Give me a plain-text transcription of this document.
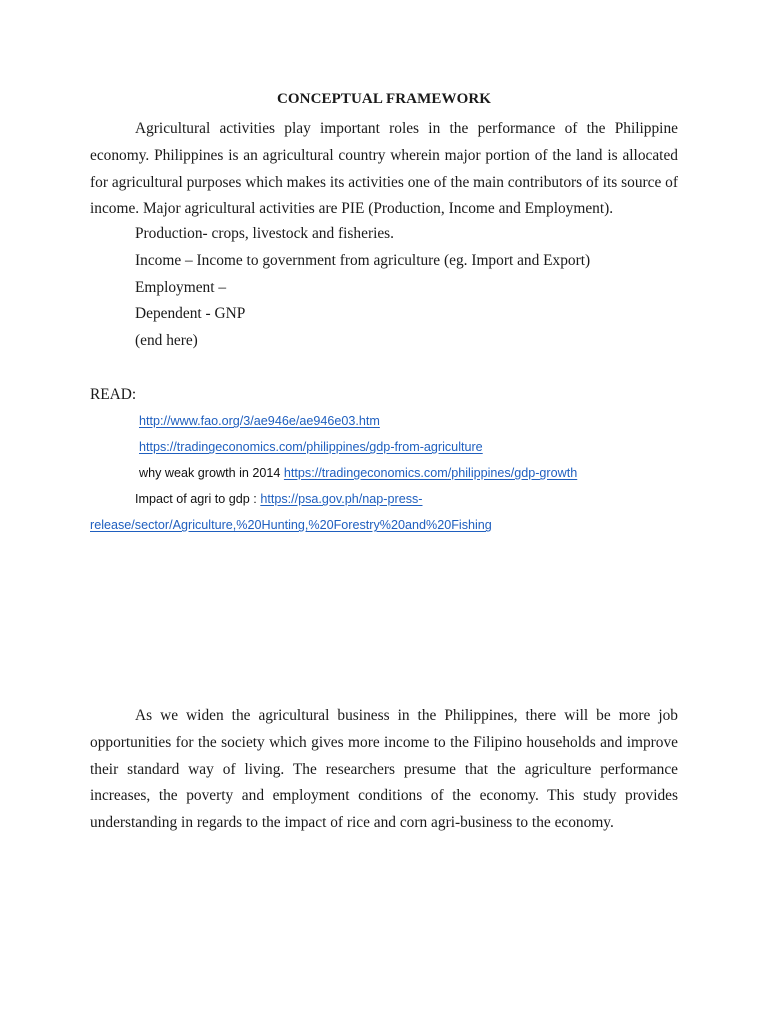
CONCEPTUAL FRAMEWORK

Agricultural activities play important roles in the performance of the Philippine economy. Philippines is an agricultural country wherein major portion of the land is allocated for agricultural purposes which makes its activities one of the main contributors of its source of income. Major agricultural activities are PIE (Production, Income and Employment).

Production- crops, livestock and fisheries.
Income – Income to government from agriculture (eg. Import and Export)
Employment –
Dependent - GNP
(end here)
READ:
http://www.fao.org/3/ae946e/ae946e03.htm
https://tradingeconomics.com/philippines/gdp-from-agriculture
why weak growth in 2014 https://tradingeconomics.com/philippines/gdp-growth
Impact of agri to gdp : https://psa.gov.ph/nap-press-
release/sector/Agriculture,%20Hunting,%20Forestry%20and%20Fishing

As we widen the agricultural business in the Philippines, there will be more job opportunities for the society which gives more income to the Filipino households and improve their standard way of living. The researchers presume that the agriculture performance increases, the poverty and employment conditions of the economy. This study provides understanding in regards to the impact of rice and corn agri-business to the economy.
